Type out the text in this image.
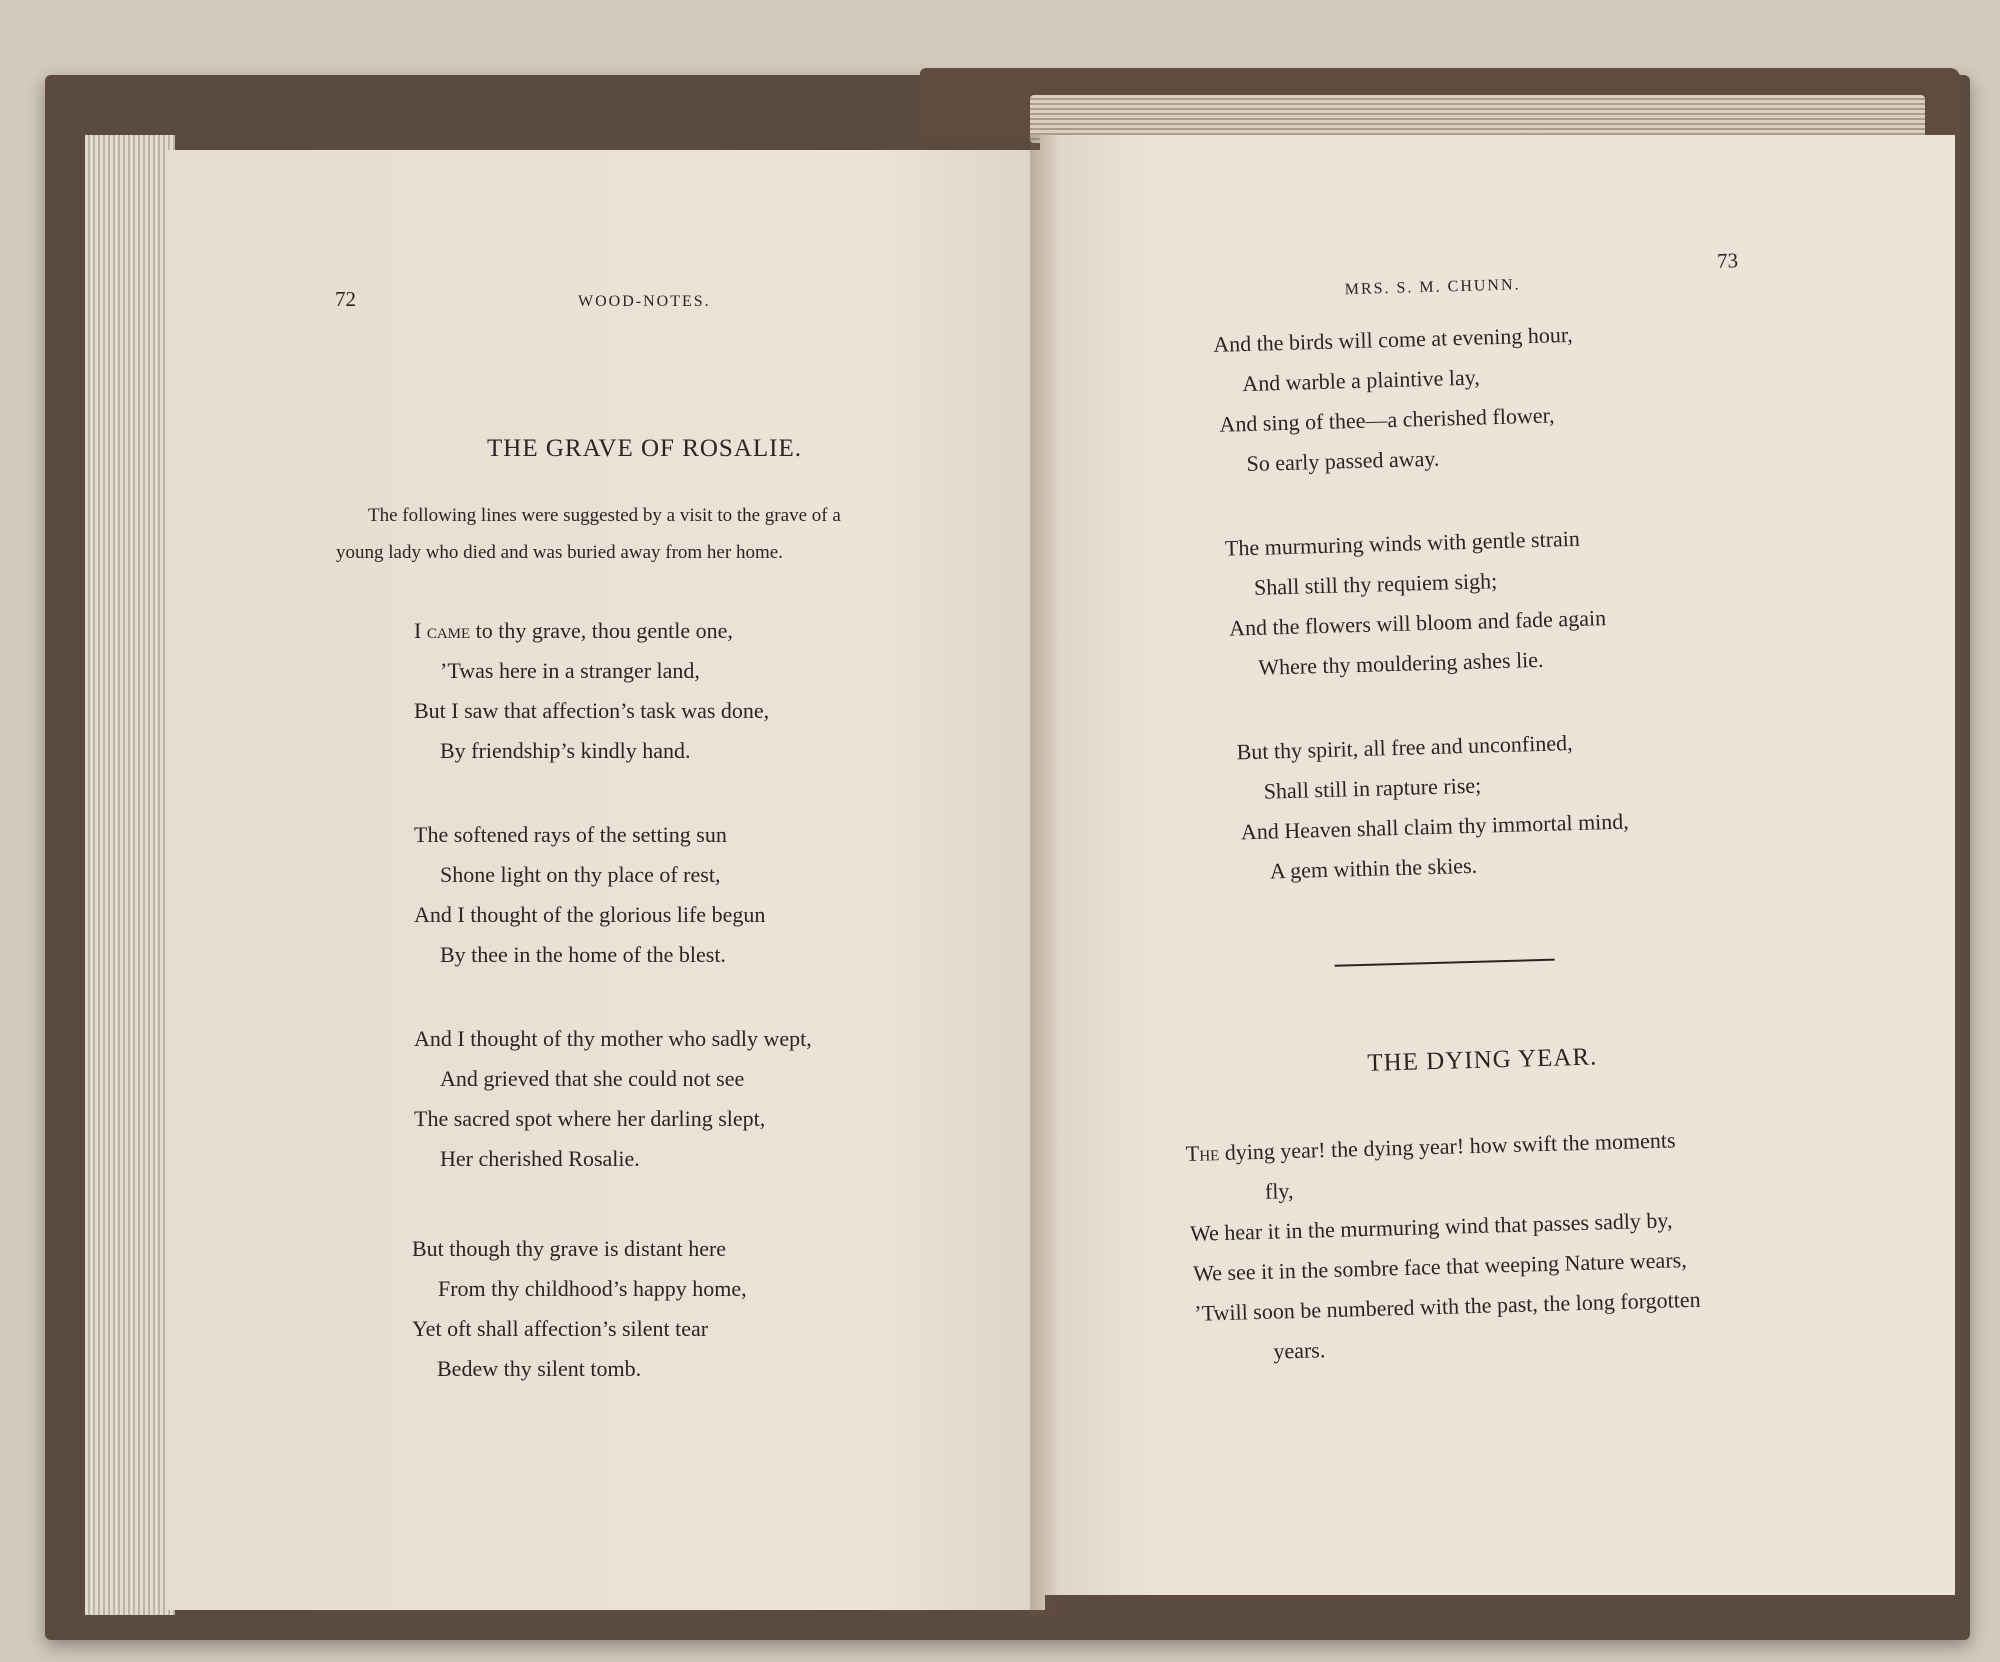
72	WOOD-NOTES.
THE GRAVE OF ROSALIE.
The following lines were suggested by a visit to the grave of a
young lady who died and was buried away from her home.
I came to thy grave, thou gentle one,
’Twas here in a stranger land,
But I saw that affection’s task was done,
By friendship’s kindly hand.
The softened rays of the setting sun
Shone light on thy place of rest,
And I thought of the glorious life begun
By thee in the home of the blest.
And I thought of thy mother who sadly wept,
And grieved that she could not see
The sacred spot where her darling slept,
Her cherished Rosalie.
But though thy grave is distant here
From thy childhood’s happy home,
Yet oft shall affection’s silent tear
Bedew thy silent tomb.
73
MRS. S. M. CHUNN.
And the birds will come at evening hour,
And warble a plaintive lay,
And sing of thee—a cherished flower,
So early passed away.
The murmuring winds with gentle strain
Shall still thy requiem sigh;
And the flowers will bloom and fade again
Where thy mouldering ashes lie.
But thy spirit, all free and unconfined,
Shall still in rapture rise;
And Heaven shall claim thy immortal mind,
A gem within the skies.
THE DYING YEAR.
The dying year! the dying year! how swift the moments
fly,
We hear it in the murmuring wind that passes sadly by,
We see it in the sombre face that weeping Nature wears,
’Twill soon be numbered with the past, the long forgotten
years.
